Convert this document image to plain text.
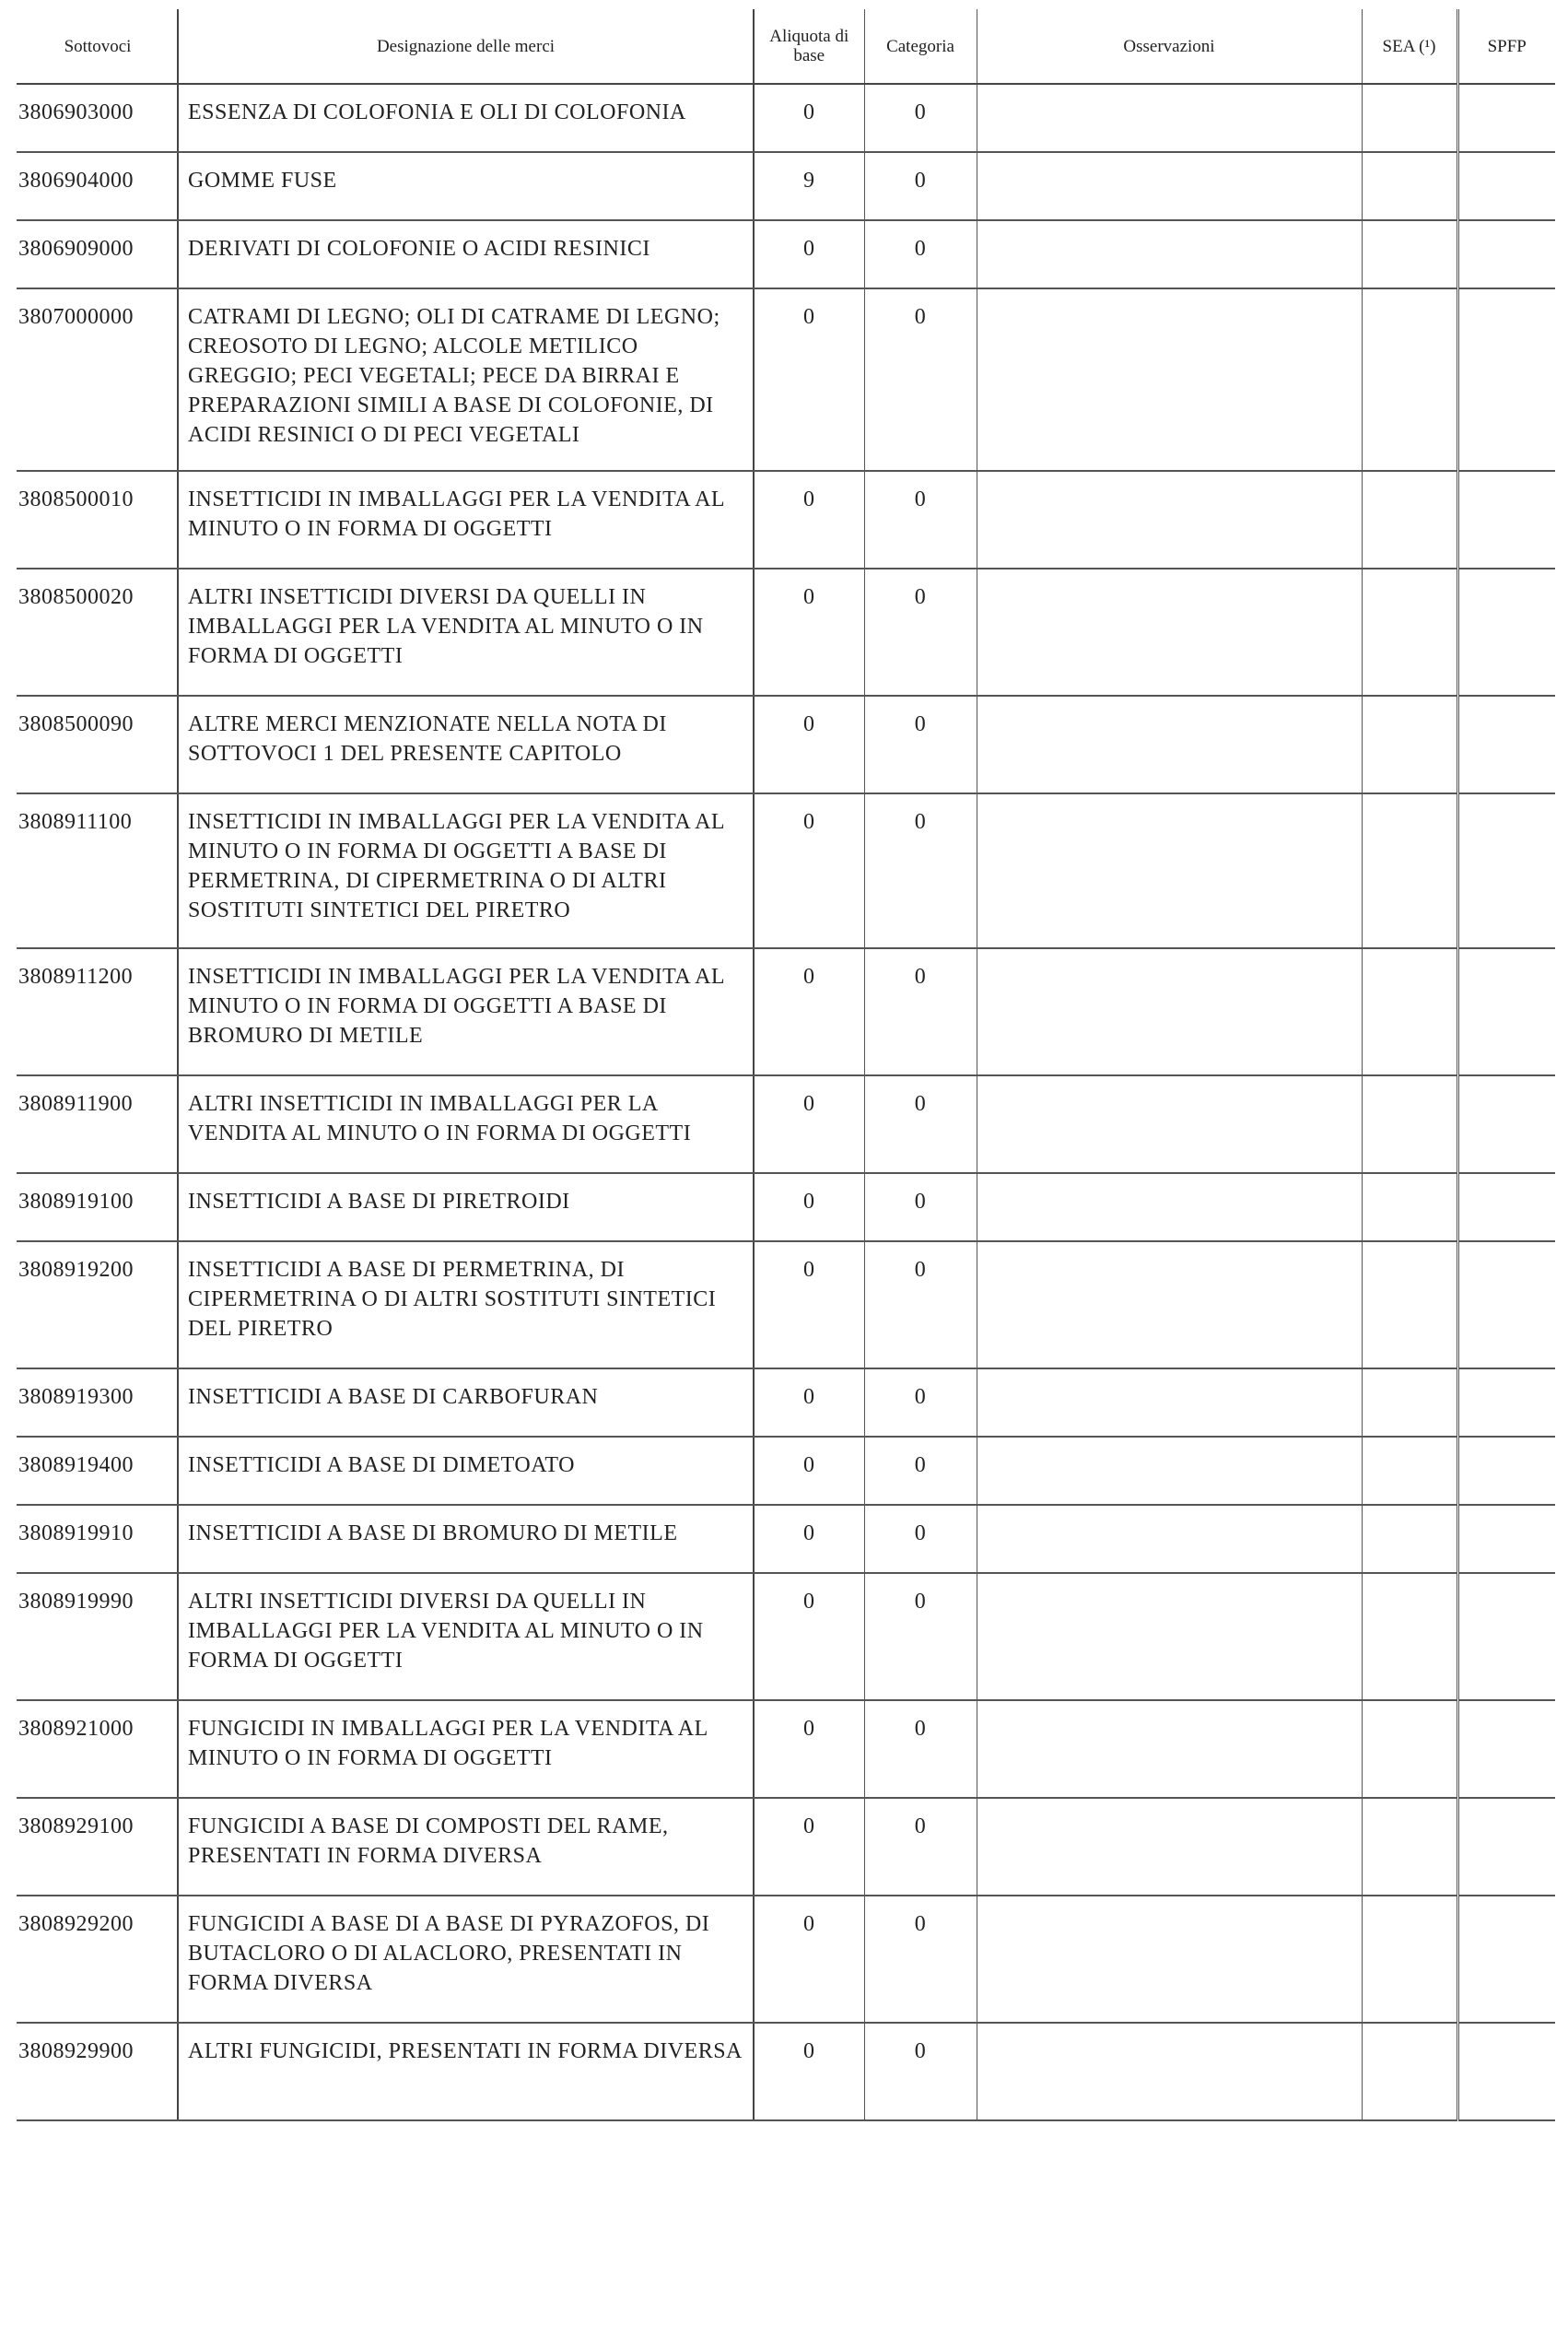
Sottovoci	Designazione delle merci	Aliquota di base	Categoria	Osservazioni	SEA (¹)	SPFP
3806903000	ESSENZA DI COLOFONIA E OLI DI COLOFONIA	0	0			
3806904000	GOMME FUSE	9	0			
3806909000	DERIVATI DI COLOFONIE O ACIDI RESINICI	0	0			
3807000000	CATRAMI DI LEGNO; OLI DI CATRAME DI LEGNO; CREOSOTO DI LEGNO; ALCOLE METILICO GREGGIO; PECI VEGETALI; PECE DA BIRRAI E PREPARAZIONI SIMILI A BASE DI COLOFONIE, DI ACIDI RESINICI O DI PECI VEGETALI	0	0			
3808500010	INSETTICIDI IN IMBALLAGGI PER LA VENDITA AL MINUTO O IN FORMA DI OGGETTI	0	0			
3808500020	ALTRI INSETTICIDI DIVERSI DA QUELLI IN IMBALLAGGI PER LA VENDITA AL MINUTO O IN FORMA DI OGGETTI	0	0			
3808500090	ALTRE MERCI MENZIONATE NELLA NOTA DI SOTTOVOCI 1 DEL PRESENTE CAPITOLO	0	0			
3808911100	INSETTICIDI IN IMBALLAGGI PER LA VENDITA AL MINUTO O IN FORMA DI OGGETTI A BASE DI PERMETRINA, DI CIPERMETRINA O DI ALTRI SOSTITUTI SINTETICI DEL PIRETRO	0	0			
3808911200	INSETTICIDI IN IMBALLAGGI PER LA VENDITA AL MINUTO O IN FORMA DI OGGETTI A BASE DI BROMURO DI METILE	0	0			
3808911900	ALTRI INSETTICIDI IN IMBALLAGGI PER LA VENDITA AL MINUTO O IN FORMA DI OGGETTI	0	0			
3808919100	INSETTICIDI A BASE DI PIRETROIDI	0	0			
3808919200	INSETTICIDI A BASE DI PERMETRINA, DI CIPERMETRINA O DI ALTRI SOSTITUTI SINTETICI DEL PIRETRO	0	0			
3808919300	INSETTICIDI A BASE DI CARBOFURAN	0	0			
3808919400	INSETTICIDI A BASE DI DIMETOATO	0	0			
3808919910	INSETTICIDI A BASE DI BROMURO DI METILE	0	0			
3808919990	ALTRI INSETTICIDI DIVERSI DA QUELLI IN IMBALLAGGI PER LA VENDITA AL MINUTO O IN FORMA DI OGGETTI	0	0			
3808921000	FUNGICIDI IN IMBALLAGGI PER LA VENDITA AL MINUTO O IN FORMA DI OGGETTI	0	0			
3808929100	FUNGICIDI A BASE DI COMPOSTI DEL RAME, PRESENTATI IN FORMA DIVERSA	0	0			
3808929200	FUNGICIDI A BASE DI A BASE DI PYRAZOFOS, DI BUTACLORO O DI ALACLORO, PRESENTATI IN FORMA DIVERSA	0	0			
3808929900	ALTRI FUNGICIDI, PRESENTATI IN FORMA DIVERSA	0	0			
